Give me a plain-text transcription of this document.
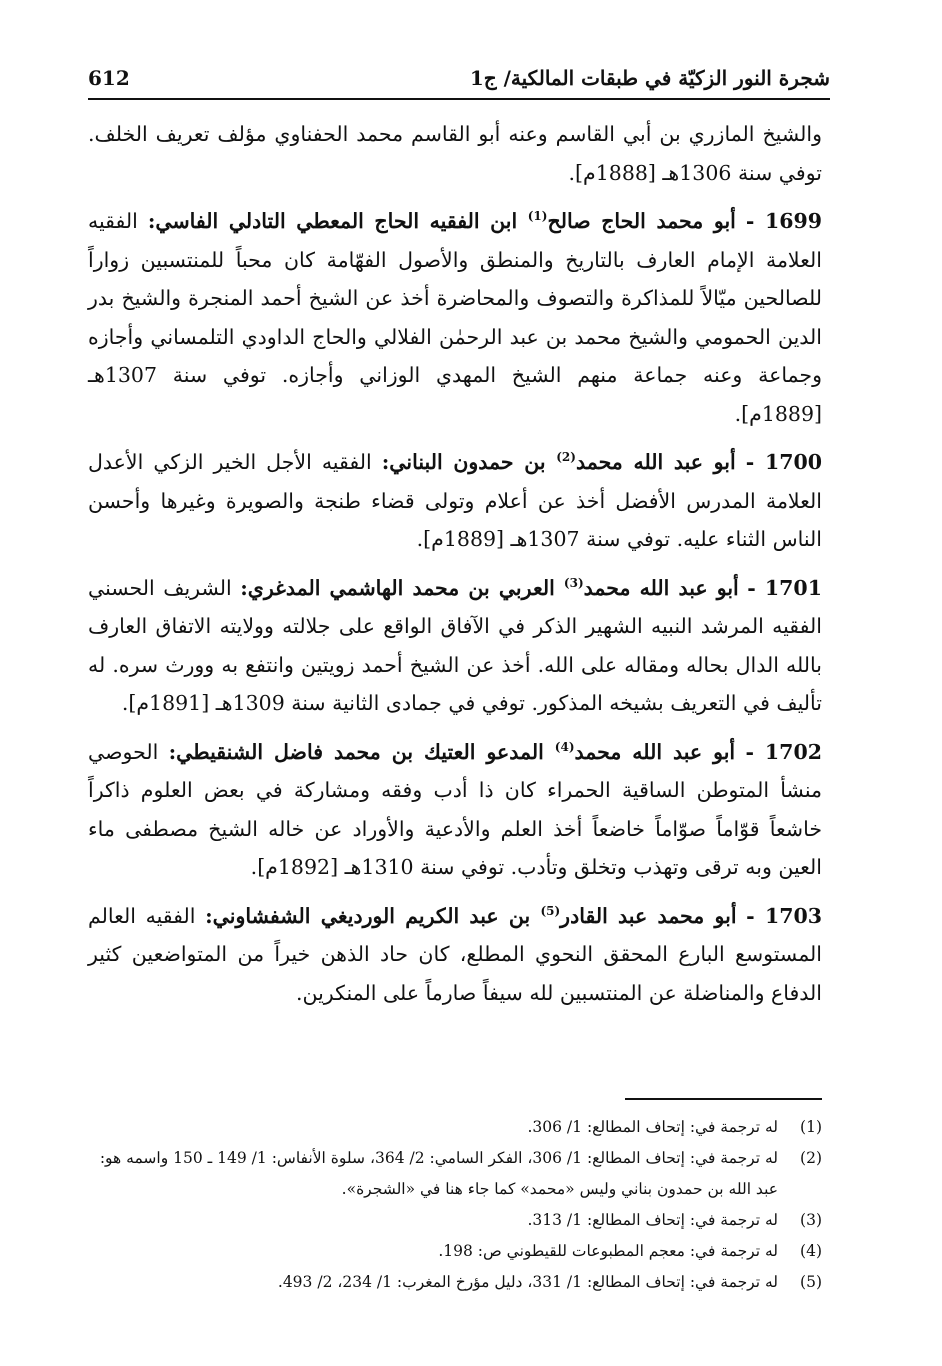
شجرة النور الزكيّة في طبقات المالكية/ ج1
612

والشيخ المازري بن أبي القاسم وعنه أبو القاسم محمد الحفناوي مؤلف تعريف الخلف. توفي سنة 1306هـ [1888م].

1699 - أبو محمد الحاج صالح$^{(1)}$ ابن الفقيه الحاج المعطي التادلي الفاسي: الفقيه العلامة الإمام العارف بالتاريخ والمنطق والأصول الفهّامة كان محباً للمنتسبين زواراً للصالحين ميّالاً للمذاكرة والتصوف والمحاضرة أخذ عن الشيخ أحمد المنجرة والشيخ بدر الدين الحمومي والشيخ محمد بن عبد الرحمٰن الفلالي والحاج الداودي التلمساني وأجازه وجماعة وعنه جماعة منهم الشيخ المهدي الوزاني وأجازه. توفي سنة 1307هـ [1889م].

1700 - أبو عبد الله محمد$^{(2)}$ بن حمدون البناني: الفقيه الأجل الخير الزكي الأعدل العلامة المدرس الأفضل أخذ عن أعلام وتولى قضاء طنجة والصويرة وغيرها وأحسن الناس الثناء عليه. توفي سنة 1307هـ [1889م].

1701 - أبو عبد الله محمد$^{(3)}$ العربي بن محمد الهاشمي المدغري: الشريف الحسني الفقيه المرشد النبيه الشهير الذكر في الآفاق الواقع على جلالته وولايته الاتفاق العارف بالله الدال بحاله ومقاله على الله. أخذ عن الشيخ أحمد زويتين وانتفع به وورث سره. له تأليف في التعريف بشيخه المذكور. توفي في جمادى الثانية سنة 1309هـ [1891م].

1702 - أبو عبد الله محمد$^{(4)}$ المدعو العتيك بن محمد فاضل الشنقيطي: الحوصي منشأ المتوطن الساقية الحمراء كان ذا أدب وفقه ومشاركة في بعض العلوم ذاكراً خاشعاً قوّاماً صوّاماً خاضعاً أخذ العلم والأدعية والأوراد عن خاله الشيخ مصطفى ماء العين وبه ترقى وتهذب وتخلق وتأدب. توفي سنة 1310هـ [1892م].

1703 - أبو محمد عبد القادر$^{(5)}$ بن عبد الكريم الورديغي الشفشاوني: الفقيه العالم المستوسع البارع المحقق النحوي المطلع، كان حاد الذهن خيراً من المتواضعين كثير الدفاع والمناضلة عن المنتسبين لله سيفاً صارماً على المنكرين.

(1)
له ترجمة في: إتحاف المطالع: 1/ 306.
(2)
له ترجمة في: إتحاف المطالع: 1/ 306، الفكر السامي: 2/ 364، سلوة الأنفاس: 1/ 149 ـ 150 واسمه هو: عبد الله بن حمدون بناني وليس «محمد» كما جاء هنا في «الشجرة».
(3)
له ترجمة في: إتحاف المطالع: 1/ 313.
(4)
له ترجمة في: معجم المطبوعات للقيطوني ص: 198.
(5)
له ترجمة في: إتحاف المطالع: 1/ 331، دليل مؤرخ المغرب: 1/ 234، 2/ 493.
